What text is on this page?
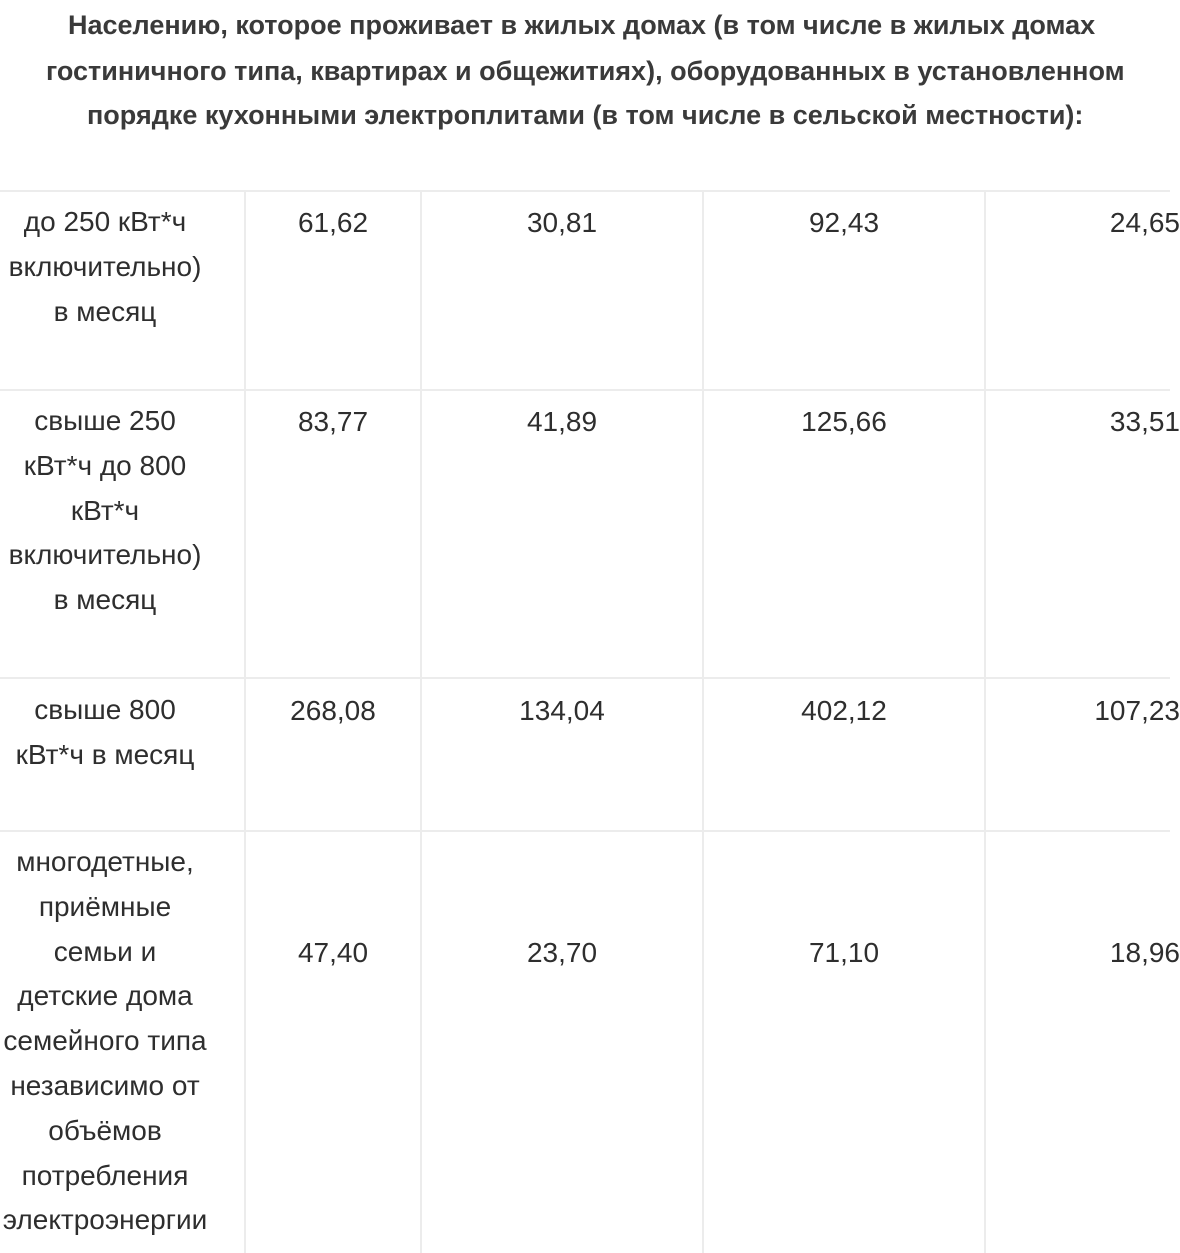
Населению, которое проживает в жилых домах (в том числе в жилых домах
гостиничного типа, квартирах и общежитиях), оборудованных в установленном
порядке кухонными электроплитами (в том числе в сельской местности):
до 250 кВт*ч
включительно)
в месяц
61,62	30,81	92,43	24,65
свыше 250
кВт*ч до 800
кВт*ч
включительно)
в месяц
83,77	41,89	125,66	33,51
свыше 800
кВт*ч в месяц
268,08	134,04	402,12	107,23
многодетные,
приёмные
семьи и
детские дома
семейного типа
независимо от
объёмов
потребления
электроэнергии
47,40	23,70	71,10	18,96
